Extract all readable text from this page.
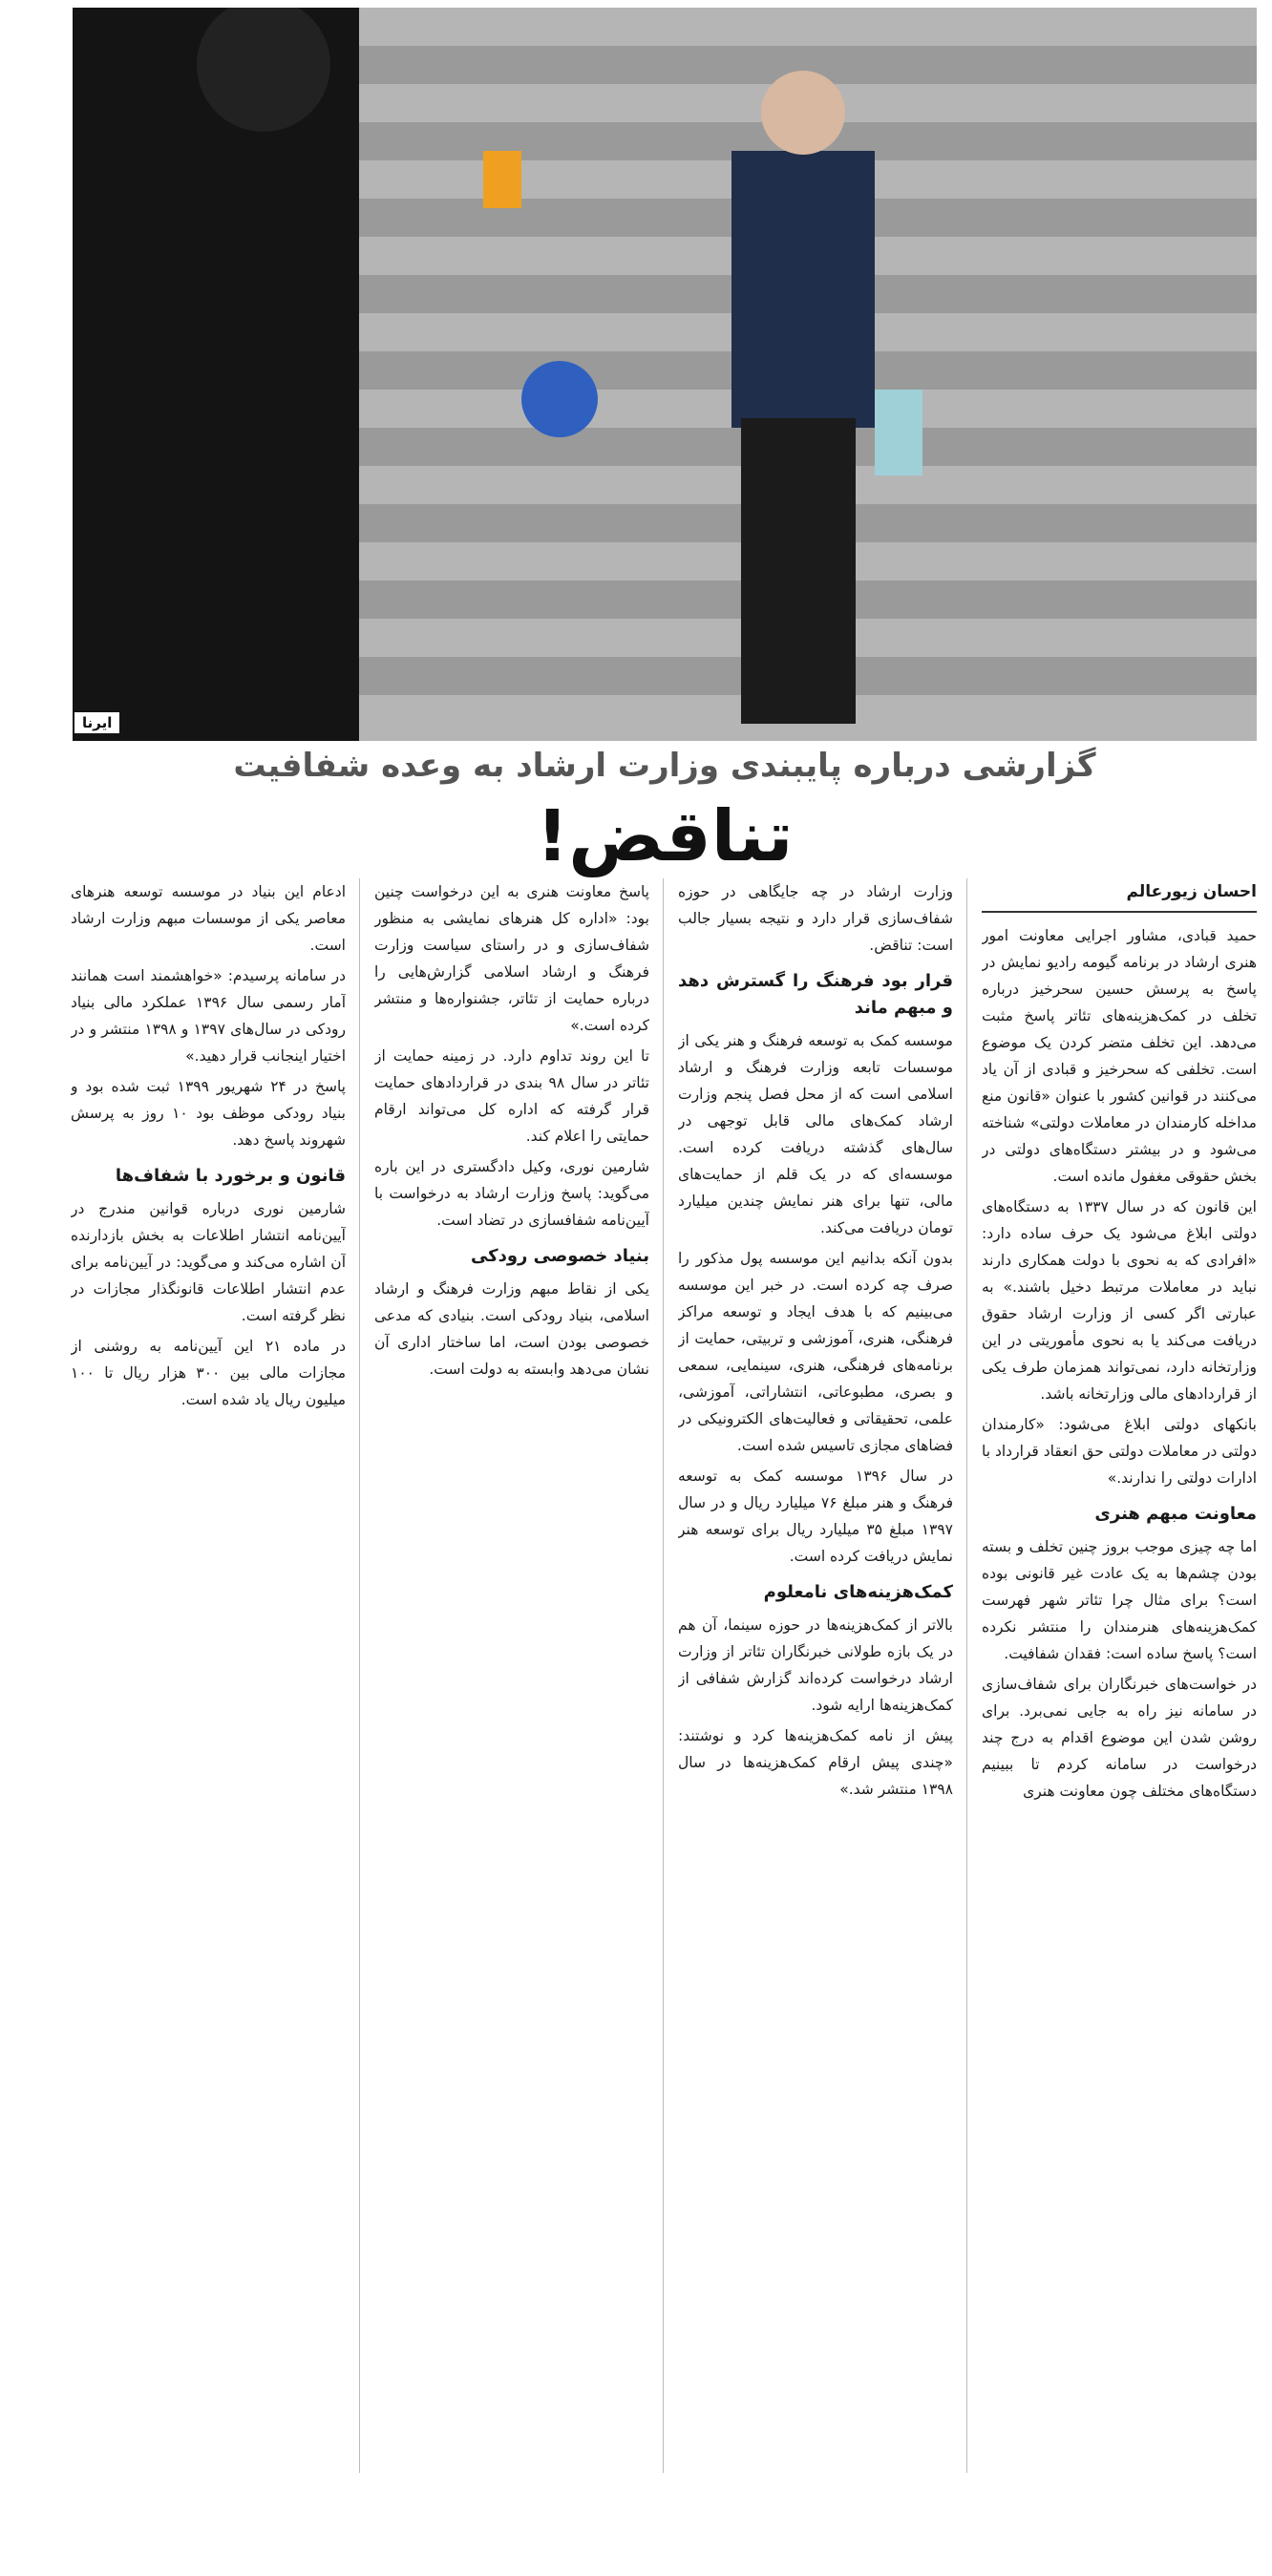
ایرنا
گزارشی درباره پایبندی وزارت ارشاد به وعده شفافیت
تناقض!
احسان زیورعالم

حمید قبادی، مشاور اجرایی معاونت امور هنری ارشاد در برنامه گیومه رادیو نمایش در پاسخ به پرسش حسین سحرخیز درباره تخلف در کمک‌هزینه‌های تئاتر پاسخ مثبت می‌دهد. این تخلف متضر کردن یک موضوع است. تخلفی که سحرخیز و قبادی از آن یاد می‌کنند در قوانین کشور با عنوان «قانون منع مداخله کارمندان در معاملات دولتی» شناخته می‌شود و در بیشتر دستگاه‌های دولتی در بخش حقوقی مغفول مانده است.

این قانون که در سال ۱۳۳۷ به دستگاه‌های دولتی ابلاغ می‌شود یک حرف ساده دارد: «افرادی که به نحوی با دولت همکاری دارند نباید در معاملات مرتبط دخیل باشند.» به عبارتی اگر کسی از وزارت ارشاد حقوق دریافت می‌کند یا به نحوی مأموریتی در این وزارتخانه دارد، نمی‌تواند همزمان طرف یکی از قراردادهای مالی وزارتخانه باشد.

بانکهای دولتی ابلاغ می‌شود: «کارمندان دولتی در معاملات دولتی حق انعقاد قرارداد با ادارات دولتی را ندارند.»

معاونت مبهم هنری

اما چه چیزی موجب بروز چنین تخلف و بسته بودن چشم‌ها به یک عادت غیر قانونی بوده است؟ برای مثال چرا تئاتر شهر فهرست کمک‌هزینه‌های هنرمندان را منتشر نکرده است؟ پاسخ ساده است: فقدان شفافیت.

در خواست‌های خبرنگاران برای شفاف‌سازی در سامانه نیز راه به جایی نمی‌برد. برای روشن شدن این موضوع اقدام به درج چند درخواست در سامانه کردم تا ببینیم دستگاه‌های مختلف چون معاونت هنری

وزارت ارشاد در چه جایگاهی در حوزه شفاف‌سازی قرار دارد و نتیجه بسیار جالب است: تناقض.

قرار بود فرهنگ را گسترش دهد و مبهم ماند

موسسه کمک به توسعه فرهنگ و هنر یکی از موسسات تابعه وزارت فرهنگ و ارشاد اسلامی است که از محل فصل پنجم وزارت ارشاد کمک‌های مالی قابل توجهی در سال‌های گذشته دریافت کرده است. موسسه‌ای که در یک قلم از حمایت‌های مالی، تنها برای هنر نمایش چندین میلیارد تومان دریافت می‌کند.

بدون آنکه بدانیم این موسسه پول مذکور را صرف چه کرده است. در خبر این موسسه می‌بینیم که با هدف ایجاد و توسعه مراکز فرهنگی، هنری، آموزشی و تربیتی، حمایت از برنامه‌های فرهنگی، هنری، سینمایی، سمعی و بصری، مطبوعاتی، انتشاراتی، آموزشی، علمی، تحقیقاتی و فعالیت‌های الکترونیکی در فضاهای مجازی تاسیس شده است.

در سال ۱۳۹۶ موسسه کمک به توسعه فرهنگ و هنر مبلغ ۷۶ میلیارد ریال و در سال ۱۳۹۷ مبلغ ۳۵ میلیارد ریال برای توسعه هنر نمایش دریافت کرده است.

کمک‌هزینه‌های نامعلوم

بالاتر از کمک‌هزینه‌ها در حوزه سینما، آن هم در یک بازه طولانی خبرنگاران تئاتر از وزارت ارشاد درخواست کرده‌اند گزارش شفافی از کمک‌هزینه‌ها ارایه شود.

پیش از نامه کمک‌هزینه‌ها کرد و نوشتند: «چندی پیش ارقام کمک‌هزینه‌ها در سال ۱۳۹۸ منتشر شد.»

پاسخ معاونت هنری به این درخواست چنین بود: «اداره کل هنرهای نمایشی به منظور شفاف‌سازی و در راستای سیاست وزارت فرهنگ و ارشاد اسلامی گزارش‌هایی را درباره حمایت از تئاتر، جشنواره‌ها و منتشر کرده است.»

تا این روند تداوم دارد. در زمینه حمایت از تئاتر در سال ۹۸ بندی در قراردادهای حمایت قرار گرفته که اداره کل می‌تواند ارقام حمایتی را اعلام کند.

شارمین نوری، وکیل دادگستری در این باره می‌گوید: پاسخ وزارت ارشاد به درخواست با آیین‌نامه شفافسازی در تضاد است.

بنیاد خصوصی رودکی

یکی از نقاط مبهم وزارت فرهنگ و ارشاد اسلامی، بنیاد رودکی است. بنیادی که مدعی خصوصی بودن است، اما ساختار اداری آن نشان می‌دهد وابسته به دولت است.

ادعام این بنیاد در موسسه توسعه هنرهای معاصر یکی از موسسات مبهم وزارت ارشاد است.

در سامانه پرسیدم: «خواهشمند است همانند آمار رسمی سال ۱۳۹۶ عملکرد مالی بنیاد رودکی در سال‌های ۱۳۹۷ و ۱۳۹۸ منتشر و در اختیار اینجانب قرار دهید.»

پاسخ در ۲۴ شهریور ۱۳۹۹ ثبت شده بود و بنیاد رودکی موظف بود ۱۰ روز به پرسش شهروند پاسخ دهد.

قانون و برخورد با شفاف‌ها

شارمین نوری درباره قوانین مندرج در آیین‌نامه انتشار اطلاعات به بخش بازدارنده آن اشاره می‌کند و می‌گوید: در آیین‌نامه برای عدم انتشار اطلاعات قانونگذار مجازات در نظر گرفته است.

در ماده ۲۱ این آیین‌نامه به روشنی از مجازات مالی بین ۳۰۰ هزار ریال تا ۱۰۰ میلیون ریال یاد شده است.
